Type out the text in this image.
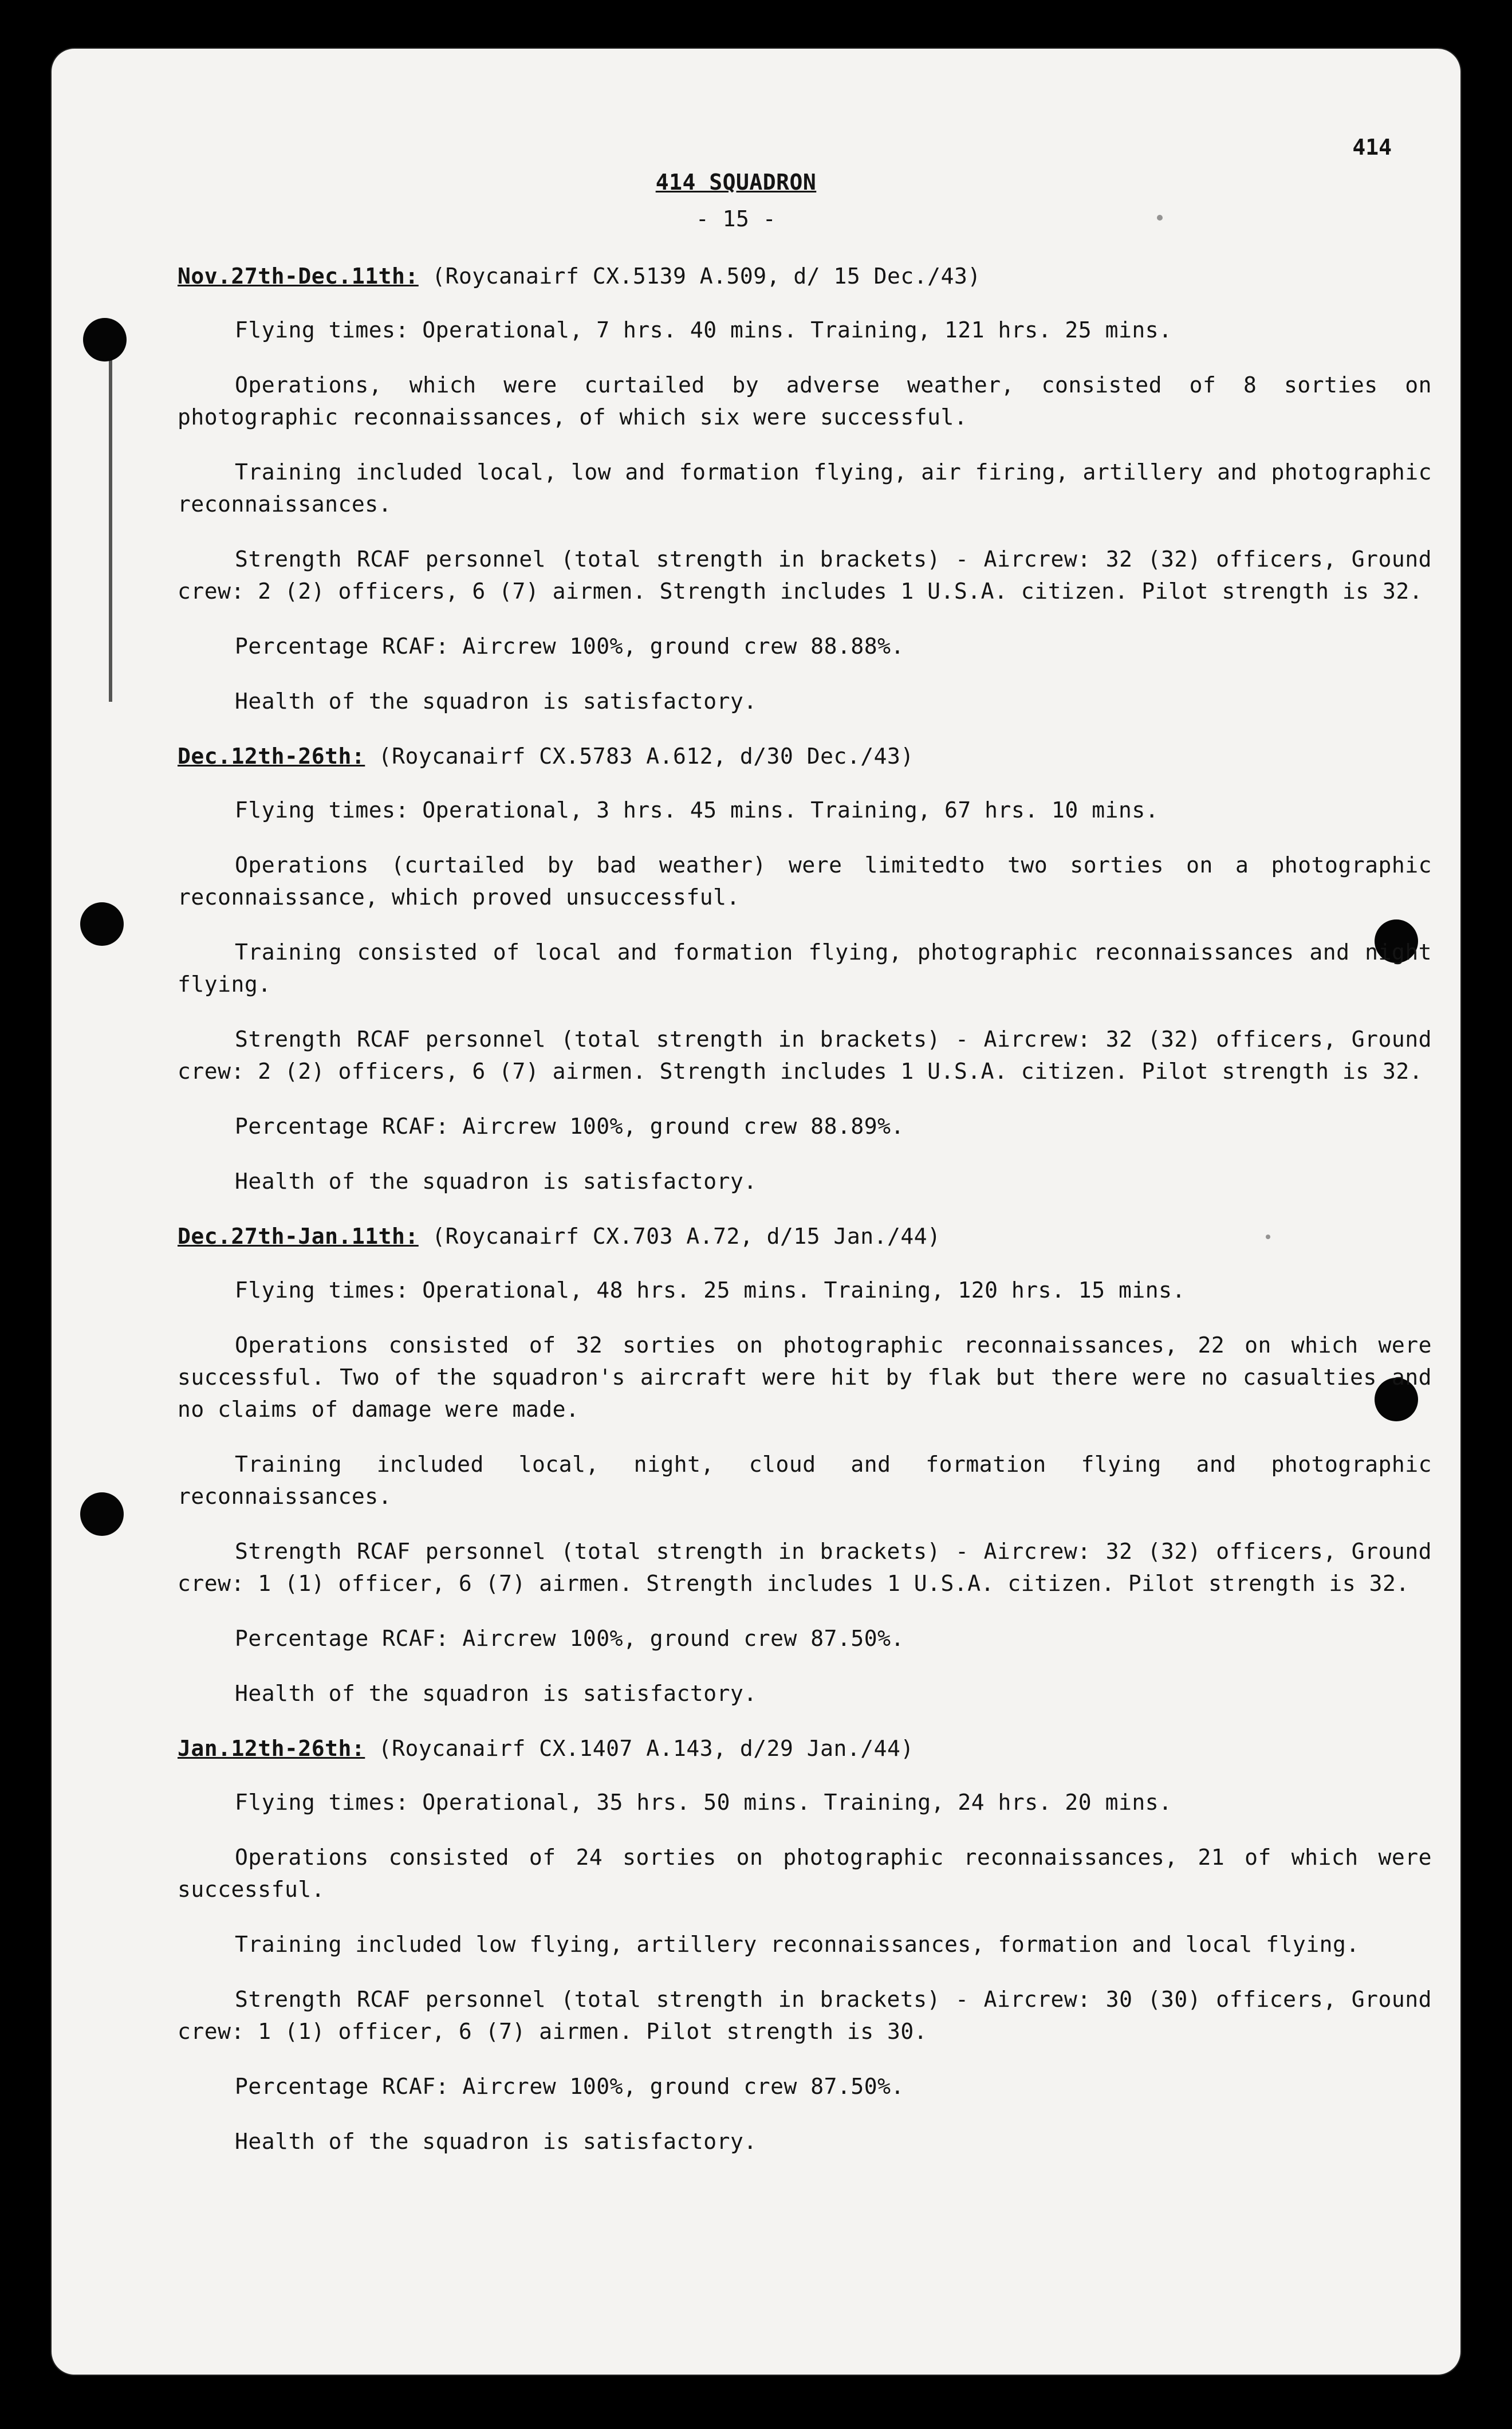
414
414 SQUADRON
- 15 -
Nov.27th-Dec.11th: (Roycanairf CX.5139 A.509, d/ 15 Dec./43)

Flying times: Operational, 7 hrs. 40 mins. Training, 121 hrs. 25 mins.

Operations, which were curtailed by adverse weather, consisted of 8 sorties on photographic reconnaissances, of which six were successful.

Training included local, low and formation flying, air firing, artillery and photographic reconnaissances.

Strength RCAF personnel (total strength in brackets) - Aircrew: 32 (32) officers, Ground crew: 2 (2) officers, 6 (7) airmen. Strength includes 1 U.S.A. citizen. Pilot strength is 32.

Percentage RCAF: Aircrew 100%, ground crew 88.88%.

Health of the squadron is satisfactory.

Dec.12th-26th: (Roycanairf CX.5783 A.612, d/30 Dec./43)

Flying times: Operational, 3 hrs. 45 mins. Training, 67 hrs. 10 mins.

Operations (curtailed by bad weather) were limitedto two sorties on a photographic reconnaissance, which proved unsuccessful.

Training consisted of local and formation flying, photographic reconnaissances and night flying.

Strength RCAF personnel (total strength in brackets) - Aircrew: 32 (32) officers, Ground crew: 2 (2) officers, 6 (7) airmen. Strength includes 1 U.S.A. citizen. Pilot strength is 32.

Percentage RCAF: Aircrew 100%, ground crew 88.89%.

Health of the squadron is satisfactory.

Dec.27th-Jan.11th: (Roycanairf CX.703 A.72, d/15 Jan./44)

Flying times: Operational, 48 hrs. 25 mins. Training, 120 hrs. 15 mins.

Operations consisted of 32 sorties on photographic reconnaissances, 22 on which were successful. Two of the squadron's aircraft were hit by flak but there were no casualties and no claims of damage were made.

Training included local, night, cloud and formation flying and photographic reconnaissances.

Strength RCAF personnel (total strength in brackets) - Aircrew: 32 (32) officers, Ground crew: 1 (1) officer, 6 (7) airmen. Strength includes 1 U.S.A. citizen. Pilot strength is 32.

Percentage RCAF: Aircrew 100%, ground crew 87.50%.

Health of the squadron is satisfactory.

Jan.12th-26th: (Roycanairf CX.1407 A.143, d/29 Jan./44)

Flying times: Operational, 35 hrs. 50 mins. Training, 24 hrs. 20 mins.

Operations consisted of 24 sorties on photographic reconnaissances, 21 of which were successful.

Training included low flying, artillery reconnaissances, formation and local flying.

Strength RCAF personnel (total strength in brackets) - Aircrew: 30 (30) officers, Ground crew: 1 (1) officer, 6 (7) airmen. Pilot strength is 30.

Percentage RCAF: Aircrew 100%, ground crew 87.50%.

Health of the squadron is satisfactory.
